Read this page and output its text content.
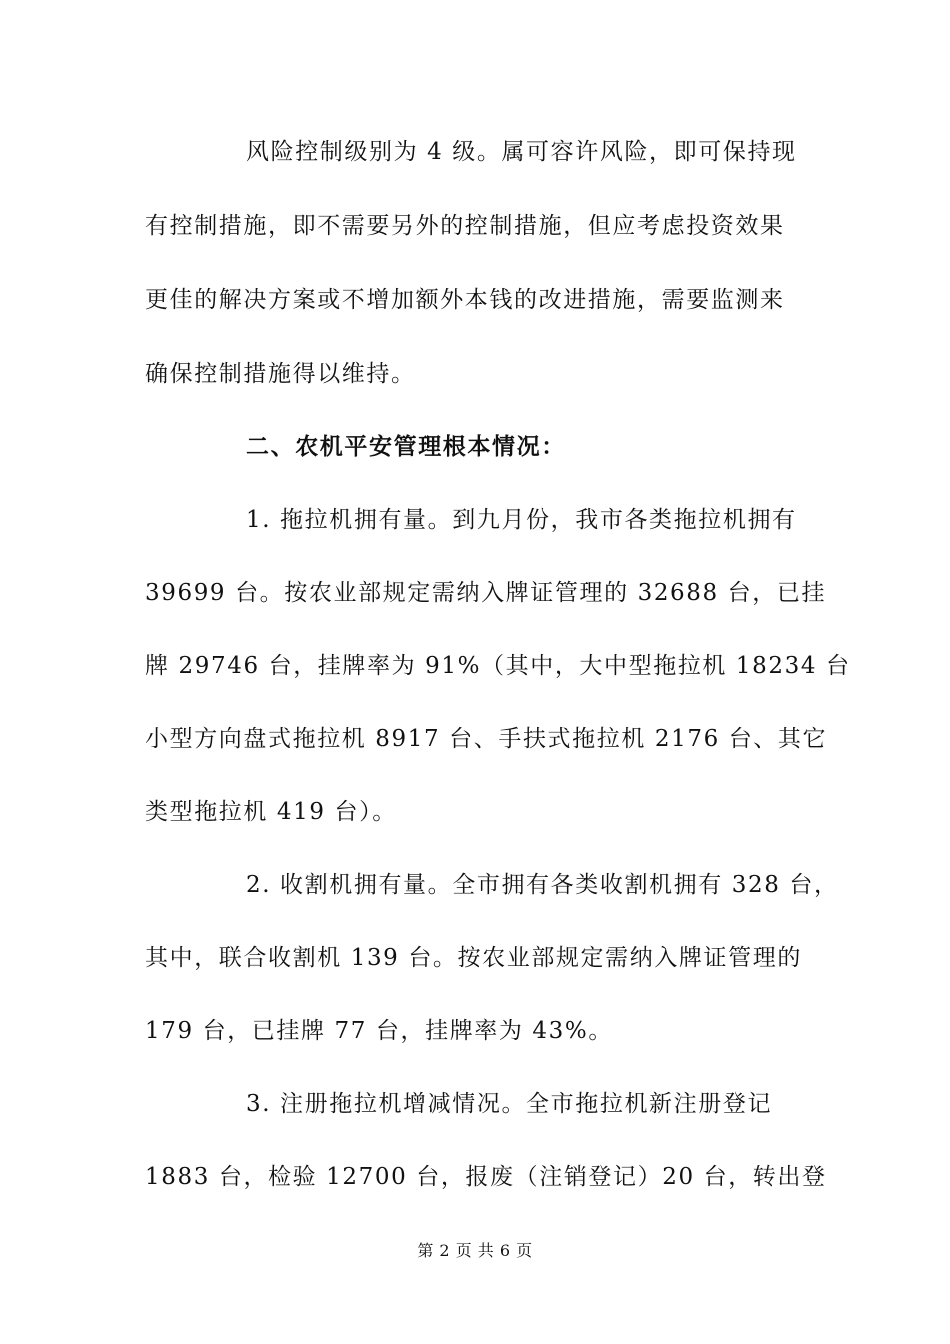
风险控制级别为 4 级。属可容许风险，即可保持现
有控制措施，即不需要另外的控制措施，但应考虑投资效果
更佳的解决方案或不增加额外本钱的改进措施，需要监测来
确保控制措施得以维持。
二、农机平安管理根本情况：
1. 拖拉机拥有量。到九月份，我市各类拖拉机拥有
39699 台。按农业部规定需纳入牌证管理的 32688 台，已挂
牌 29746 台，挂牌率为 91%（其中，大中型拖拉机 18234 台
小型方向盘式拖拉机 8917 台、手扶式拖拉机 2176 台、其它
类型拖拉机 419 台）。
2. 收割机拥有量。全市拥有各类收割机拥有 328 台，
其中，联合收割机 139 台。按农业部规定需纳入牌证管理的
179 台，已挂牌 77 台，挂牌率为 43%。
3. 注册拖拉机增减情况。全市拖拉机新注册登记
1883 台，检验 12700 台，报废（注销登记）20 台，转出登
第 2 页 共 6 页
